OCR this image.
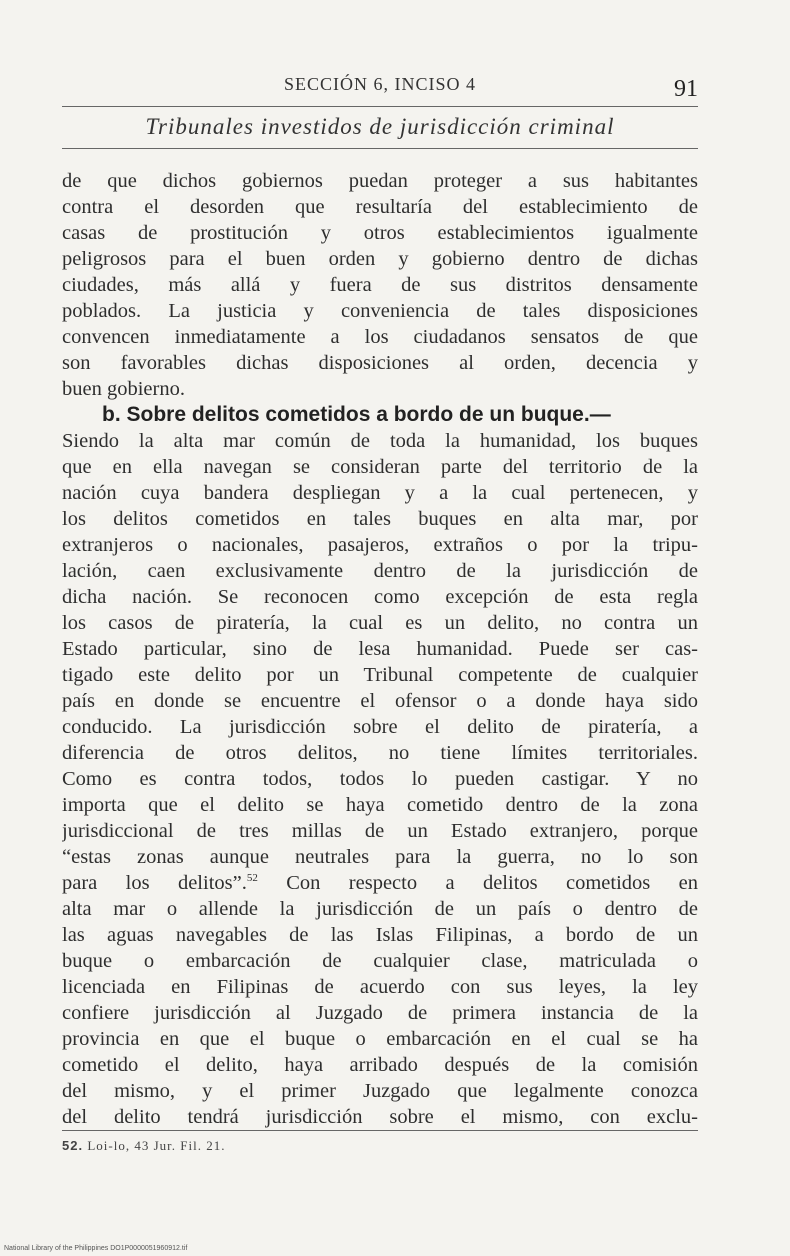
SECCIÓN 6, INCISO 4	91
Tribunales investidos de jurisdicción criminal

de que dichos gobiernos puedan proteger a sus habitantes
contra el desorden que resultaría del establecimiento de
casas de prostitución y otros establecimientos igualmente
peligrosos para el buen orden y gobierno dentro de dichas
ciudades, más allá y fuera de sus distritos densamente
poblados. La justicia y conveniencia de tales disposiciones
convencen inmediatamente a los ciudadanos sensatos de que
son favorables dichas disposiciones al orden, decencia y
buen gobierno.

b. Sobre delitos cometidos a bordo de un buque.—
Siendo la alta mar común de toda la humanidad, los buques
que en ella navegan se consideran parte del territorio de la
nación cuya bandera despliegan y a la cual pertenecen, y
los delitos cometidos en tales buques en alta mar, por
extranjeros o nacionales, pasajeros, extraños o por la tripu-
lación, caen exclusivamente dentro de la jurisdicción de
dicha nación. Se reconocen como excepción de esta regla
los casos de piratería, la cual es un delito, no contra un
Estado particular, sino de lesa humanidad. Puede ser cas-
tigado este delito por un Tribunal competente de cualquier
país en donde se encuentre el ofensor o a donde haya sido
conducido. La jurisdicción sobre el delito de piratería, a
diferencia de otros delitos, no tiene límites territoriales.
Como es contra todos, todos lo pueden castigar. Y no
importa que el delito se haya cometido dentro de la zona
jurisdiccional de tres millas de un Estado extranjero, porque
“estas zonas aunque neutrales para la guerra, no lo son
para los delitos”.$^{52}$ Con respecto a delitos cometidos en
alta mar o allende la jurisdicción de un país o dentro de
las aguas navegables de las Islas Filipinas, a bordo de un
buque o embarcación de cualquier clase, matriculada o
licenciada en Filipinas de acuerdo con sus leyes, la ley
confiere jurisdicción al Juzgado de primera instancia de la
provincia en que el buque o embarcación en el cual se ha
cometido el delito, haya arribado después de la comisión
del mismo, y el primer Juzgado que legalmente conozca
del delito tendrá jurisdicción sobre el mismo, con exclu-

52. Loi-lo, 43 Jur. Fil. 21.
National Library of the Philippines DO1P0000051960912.tif
